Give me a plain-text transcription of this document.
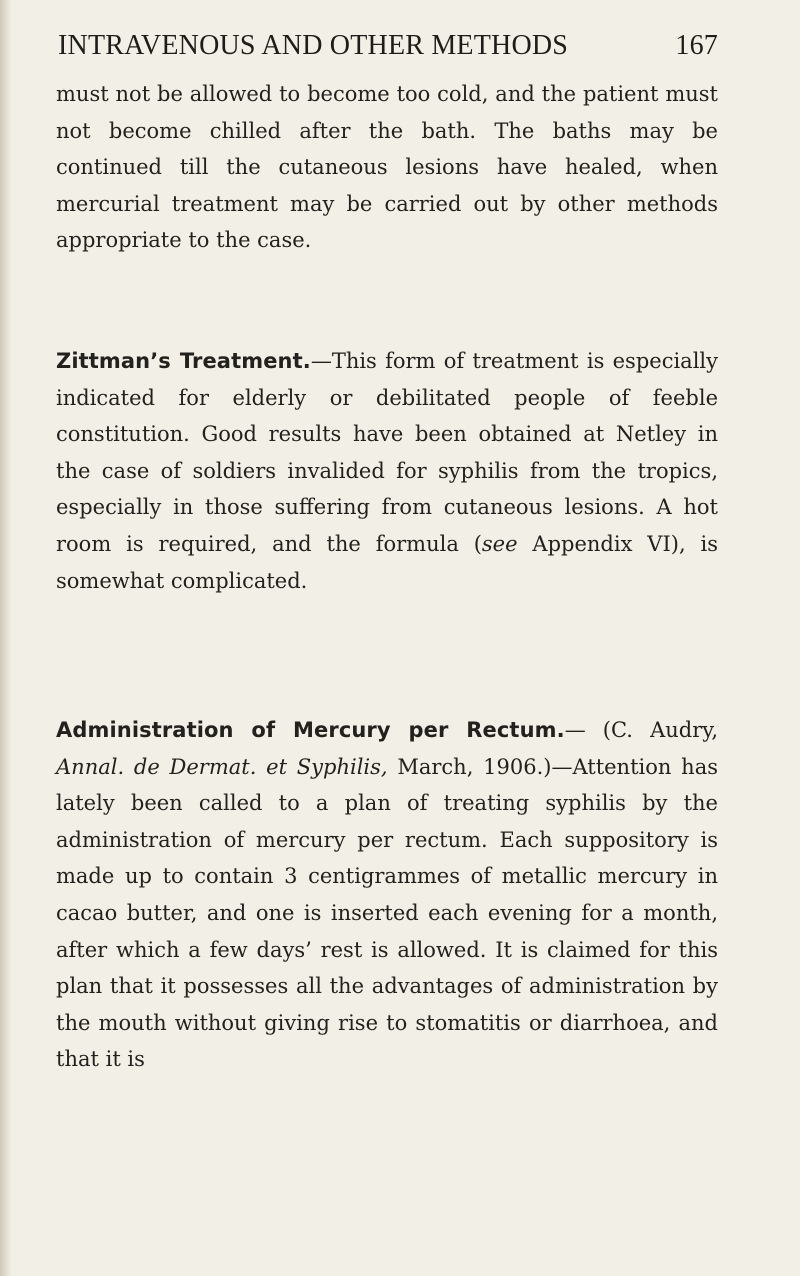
INTRAVENOUS AND OTHER METHODS	167
must not be allowed to become too cold, and the patient must not become chilled after the bath. The baths may be continued till the cutaneous lesions have healed, when mercurial treatment may be carried out by other methods appropriate to the case.
Zittman’s Treatment.—This form of treatment is especially indicated for elderly or debilitated people of feeble constitution. Good results have been obtained at Netley in the case of soldiers invalided for syphilis from the tropics, especially in those suffering from cutaneous lesions. A hot room is required, and the formula (see Appendix VI), is somewhat complicated.
Administration of Mercury per Rectum.— (C. Audry, Annal. de Dermat. et Syphilis, March, 1906.)—Attention has lately been called to a plan of treating syphilis by the administration of mercury per rectum. Each suppository is made up to contain 3 centigrammes of metallic mercury in cacao butter, and one is inserted each evening for a month, after which a few days’ rest is allowed. It is claimed for this plan that it possesses all the advantages of administration by the mouth without giving rise to stomatitis or diarrhoea, and that it is
